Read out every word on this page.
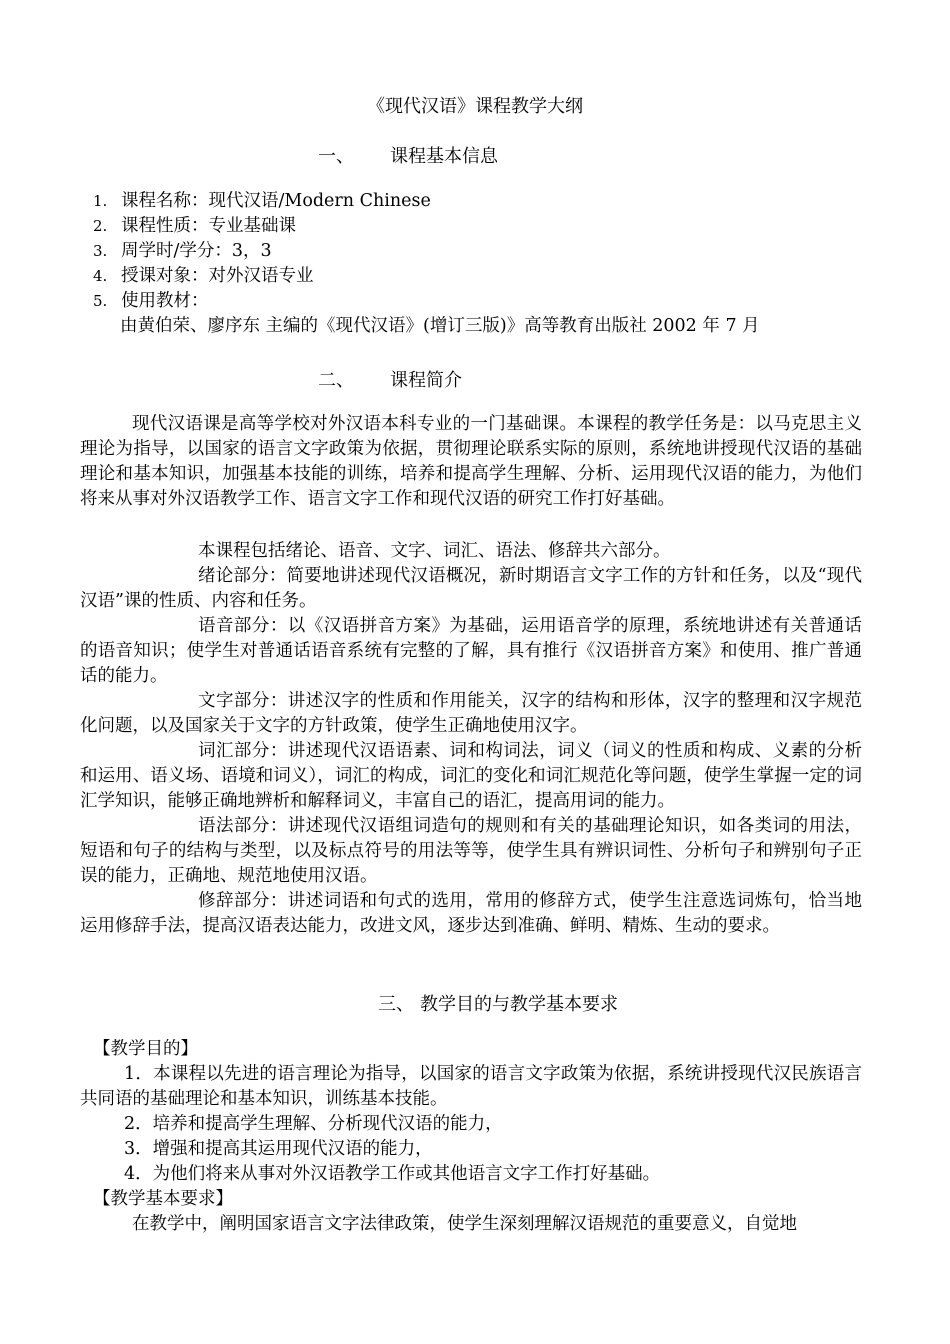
《现代汉语》课程教学大纲
一、 课程基本信息
1. 课程名称：现代汉语/Modern Chinese
2. 课程性质：专业基础课
3. 周学时/学分：3，3
4. 授课对象：对外汉语专业
5. 使用教材：
由黄伯荣、廖序东 主编的《现代汉语》(增订三版)》高等教育出版社 2002 年 7 月
二、 课程简介
现代汉语课是高等学校对外汉语本科专业的一门基础课。本课程的教学任务是：以马克思主义理论为指导，以国家的语言文字政策为依据，贯彻理论联系实际的原则，系统地讲授现代汉语的基础理论和基本知识，加强基本技能的训练，培养和提高学生理解、分析、运用现代汉语的能力，为他们将来从事对外汉语教学工作、语言文字工作和现代汉语的研究工作打好基础。
本课程包括绪论、语音、文字、词汇、语法、修辞共六部分。
绪论部分：简要地讲述现代汉语概况，新时期语言文字工作的方针和任务，以及“现代汉语”课的性质、内容和任务。
语音部分：以《汉语拼音方案》为基础，运用语音学的原理，系统地讲述有关普通话的语音知识；使学生对普通话语音系统有完整的了解，具有推行《汉语拼音方案》和使用、推广普通话的能力。
文字部分：讲述汉字的性质和作用能关，汉字的结构和形体，汉字的整理和汉字规范化问题，以及国家关于文字的方针政策，使学生正确地使用汉字。
词汇部分：讲述现代汉语语素、词和构词法，词义（词义的性质和构成、义素的分析和运用、语义场、语境和词义），词汇的构成，词汇的变化和词汇规范化等问题，使学生掌握一定的词汇学知识，能够正确地辨析和解释词义，丰富自己的语汇，提高用词的能力。
语法部分：讲述现代汉语组词造句的规则和有关的基础理论知识，如各类词的用法，短语和句子的结构与类型，以及标点符号的用法等等，使学生具有辨识词性、分析句子和辨别句子正误的能力，正确地、规范地使用汉语。
修辞部分：讲述词语和句式的选用，常用的修辞方式，使学生注意选词炼句，恰当地运用修辞手法，提高汉语表达能力，改进文风，逐步达到准确、鲜明、精炼、生动的要求。
三、 教学目的与教学基本要求
【教学目的】
1．本课程以先进的语言理论为指导，以国家的语言文字政策为依据，系统讲授现代汉民族语言共同语的基础理论和基本知识，训练基本技能。
2．培养和提高学生理解、分析现代汉语的能力，
3．增强和提高其运用现代汉语的能力，
4．为他们将来从事对外汉语教学工作或其他语言文字工作打好基础。
【教学基本要求】
在教学中，阐明国家语言文字法律政策，使学生深刻理解汉语规范的重要意义，自觉地
